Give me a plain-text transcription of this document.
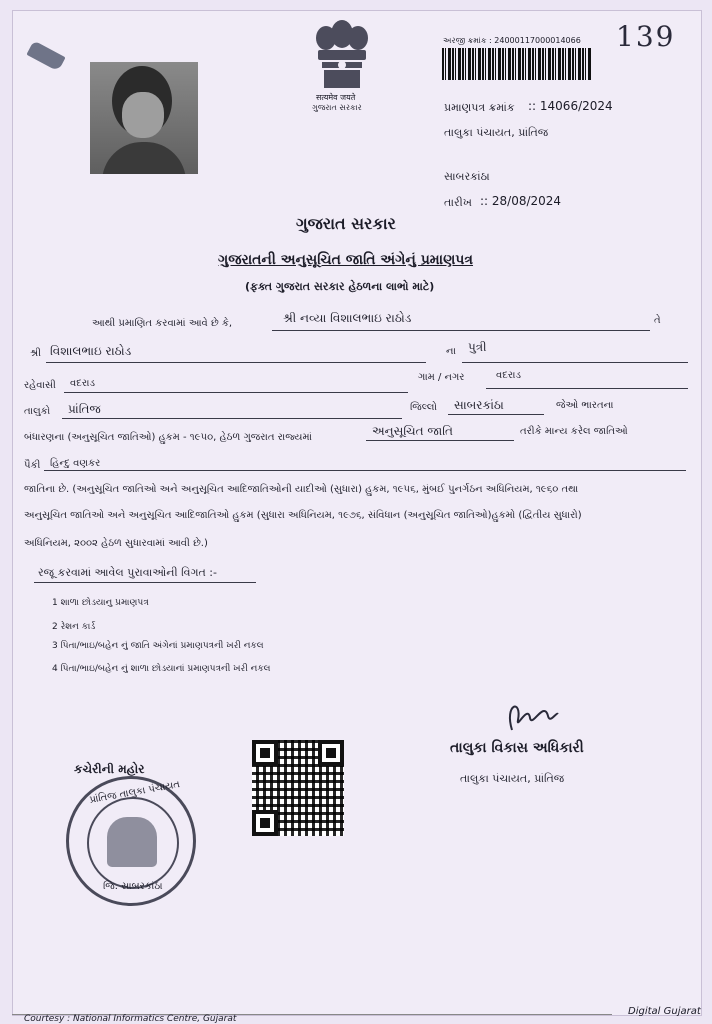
सत्यमेव जयते
ગુજરાત સરકાર
અરજી ક્રમાંક : 24000117000014066 139
પ્રમાણપત્ર ક્રમાંક :: 14066/2024
તાલુકા પંચાયત, પ્રાંતિજ
સાબરકાંઠા
તારીખ :: 28/08/2024
ગુજરાત સરકાર
ગુજરાતની અનુસૂચિત જાતિ અંગેનું પ્રમાણપત્ર
(ફક્ત ગુજરાત સરકાર હેઠળના લાભો માટે)
આથી પ્રમાણિત કરવામાં આવે છે કે,	શ્રી નવ્યા વિશાલભાઇ રાઠોડ	તે
શ્રી વિશાલભાઇ રાઠોડ	ના પુત્રી
રહેવાસી વદરાડ
ગામ / નગર	વદરાડ
તાલુકો પ્રાંતિજ	જિલ્લો સાબરકાંઠા	જેઓ ભારતના
બંધારણના (અનુસૂચિત જાતિઓ) હુકમ - ૧૯૫૦, હેઠળ ગુજરાત રાજ્યમાં	અનુસૂચિત જાતિ	તરીકે માન્ય કરેલ જાતિઓ
પૈકી હિન્દુ વણકર
જાતિના છે. (અનુસૂચિત જાતિઓ અને અનુસૂચિત આદિજાતિઓની યાદીઓ (સુધારા) હુકમ, ૧૯૫૬, મુંબઈ પુનર્ગઠન અધિનિયમ, ૧૯૬૦ તથા
અનુસૂચિત જાતિઓ અને અનુસૂચિત આદિજાતિઓ હુકમ (સુધારા અધિનિયમ, ૧૯૭૬, સંવિધાન (અનુસૂચિત જાતિઓ)હુકમો (દ્વિતીય સુધારો)
અધિનિયમ, ૨૦૦૨ હેઠળ સુધારવામાં આવી છે.)
રજૂ કરવામાં આવેલ પુરાવાઓની વિગત :-
1 શાળા છોડયાનુ પ્રમાણપત્ર
2 રેશન કાર્ડ
3 પિતા/ભાઇ/બહેન નું જાતિ અંગેનાં પ્રમાણપત્રની ખરી નકલ
4 પિતા/ભાઇ/બહેન નું શાળા છોડયાનાં પ્રમાણપત્રની ખરી નકલ
તાલુકા વિકાસ અધિકારી
તાલુકા પંચાયત, પ્રાંતિજ
કચેરીની મહોર
પ્રાંતિજ તાલુકા પંચાયત
જિ. સાબરકાંઠા
Courtesy : National Informatics Centre, Gujarat
Digital Gujarat
